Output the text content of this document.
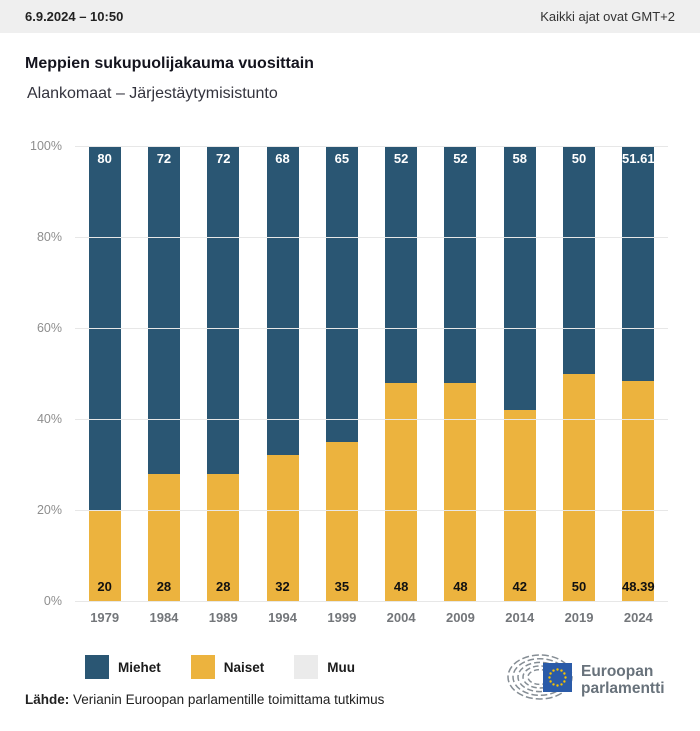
6.9.2024 – 10:50	Kaikki ajat ovat GMT+2
Meppien sukupuolijakauma vuosittain
Alankomaat – Järjestäytymisistunto
100%
80%
60%
40%
20%
0%
80
20
72
28
72
28
68
32
65
35
52
48
52
48
58
42
50
50
51.61
48.39
1979	1984	1989	1994	1999	2004	2009	2014	2019	2024
Miehet	Naiset	Muu

Lähde: Verianin Euroopan parlamentille toimittama tutkimus

Euroopan
parlamentti
